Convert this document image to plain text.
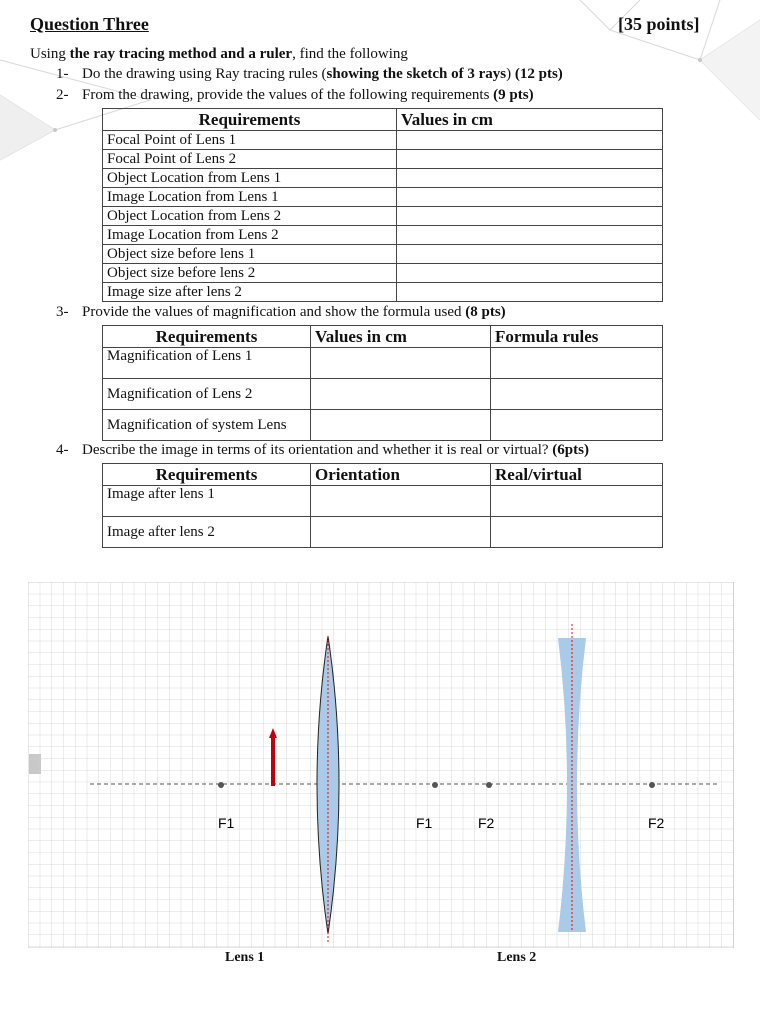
Question Three	[35 points]
Using the ray tracing method and a ruler, find the following
1- Do the drawing using Ray tracing rules (showing the sketch of 3 rays) (12 pts)
2- From the drawing, provide the values of the following requirements (9 pts)
Requirements	Values in cm
Focal Point of Lens 1	
Focal Point of Lens 2	
Object Location from Lens 1	
Image Location from Lens 1	
Object Location from Lens 2	
Image Location from Lens 2	
Object size before lens 1	
Object size before lens 2	
Image size after lens 2	
3- Provide the values of magnification and show the formula used (8 pts)
Requirements	Values in cm	Formula rules
Magnification of Lens 1		
Magnification of Lens 2		
Magnification of system Lens		
4- Describe the image in terms of its orientation and whether it is real or virtual? (6pts)
Requirements	Orientation	Real/virtual
Image after lens 1		
Image after lens 2		
F1	F1	F2	F2
Lens 1	Lens 2
